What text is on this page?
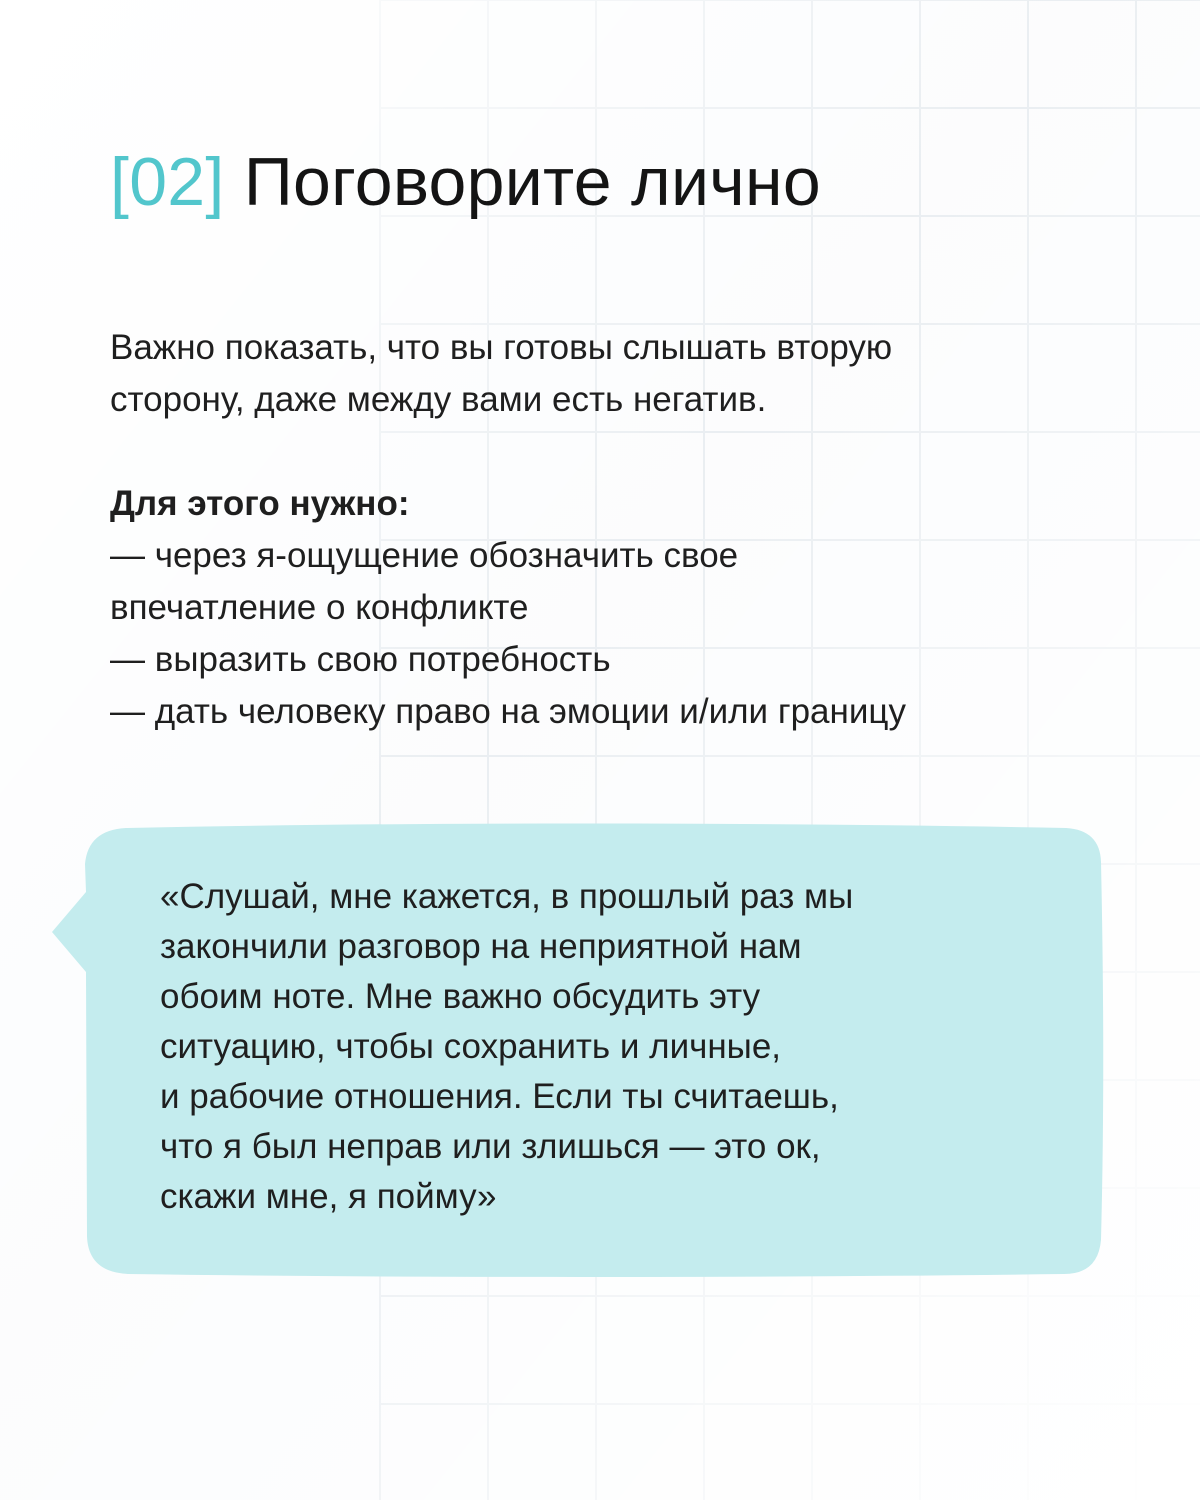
[02] Поговорите лично
Важно показать, что вы готовы слышать вторую
сторону, даже между вами есть негатив.

Для этого нужно:

— через я-ощущение обозначить свое

впечатление о конфликте

— выразить свою потребность

— дать человеку право на эмоции и/или границу

«Слушай, мне кажется, в прошлый раз мы
закончили разговор на неприятной нам
обоим ноте. Мне важно обсудить эту
ситуацию, чтобы сохранить и личные,
и рабочие отношения. Если ты считаешь,
что я был неправ или злишься — это ок,
скажи мне, я пойму»
